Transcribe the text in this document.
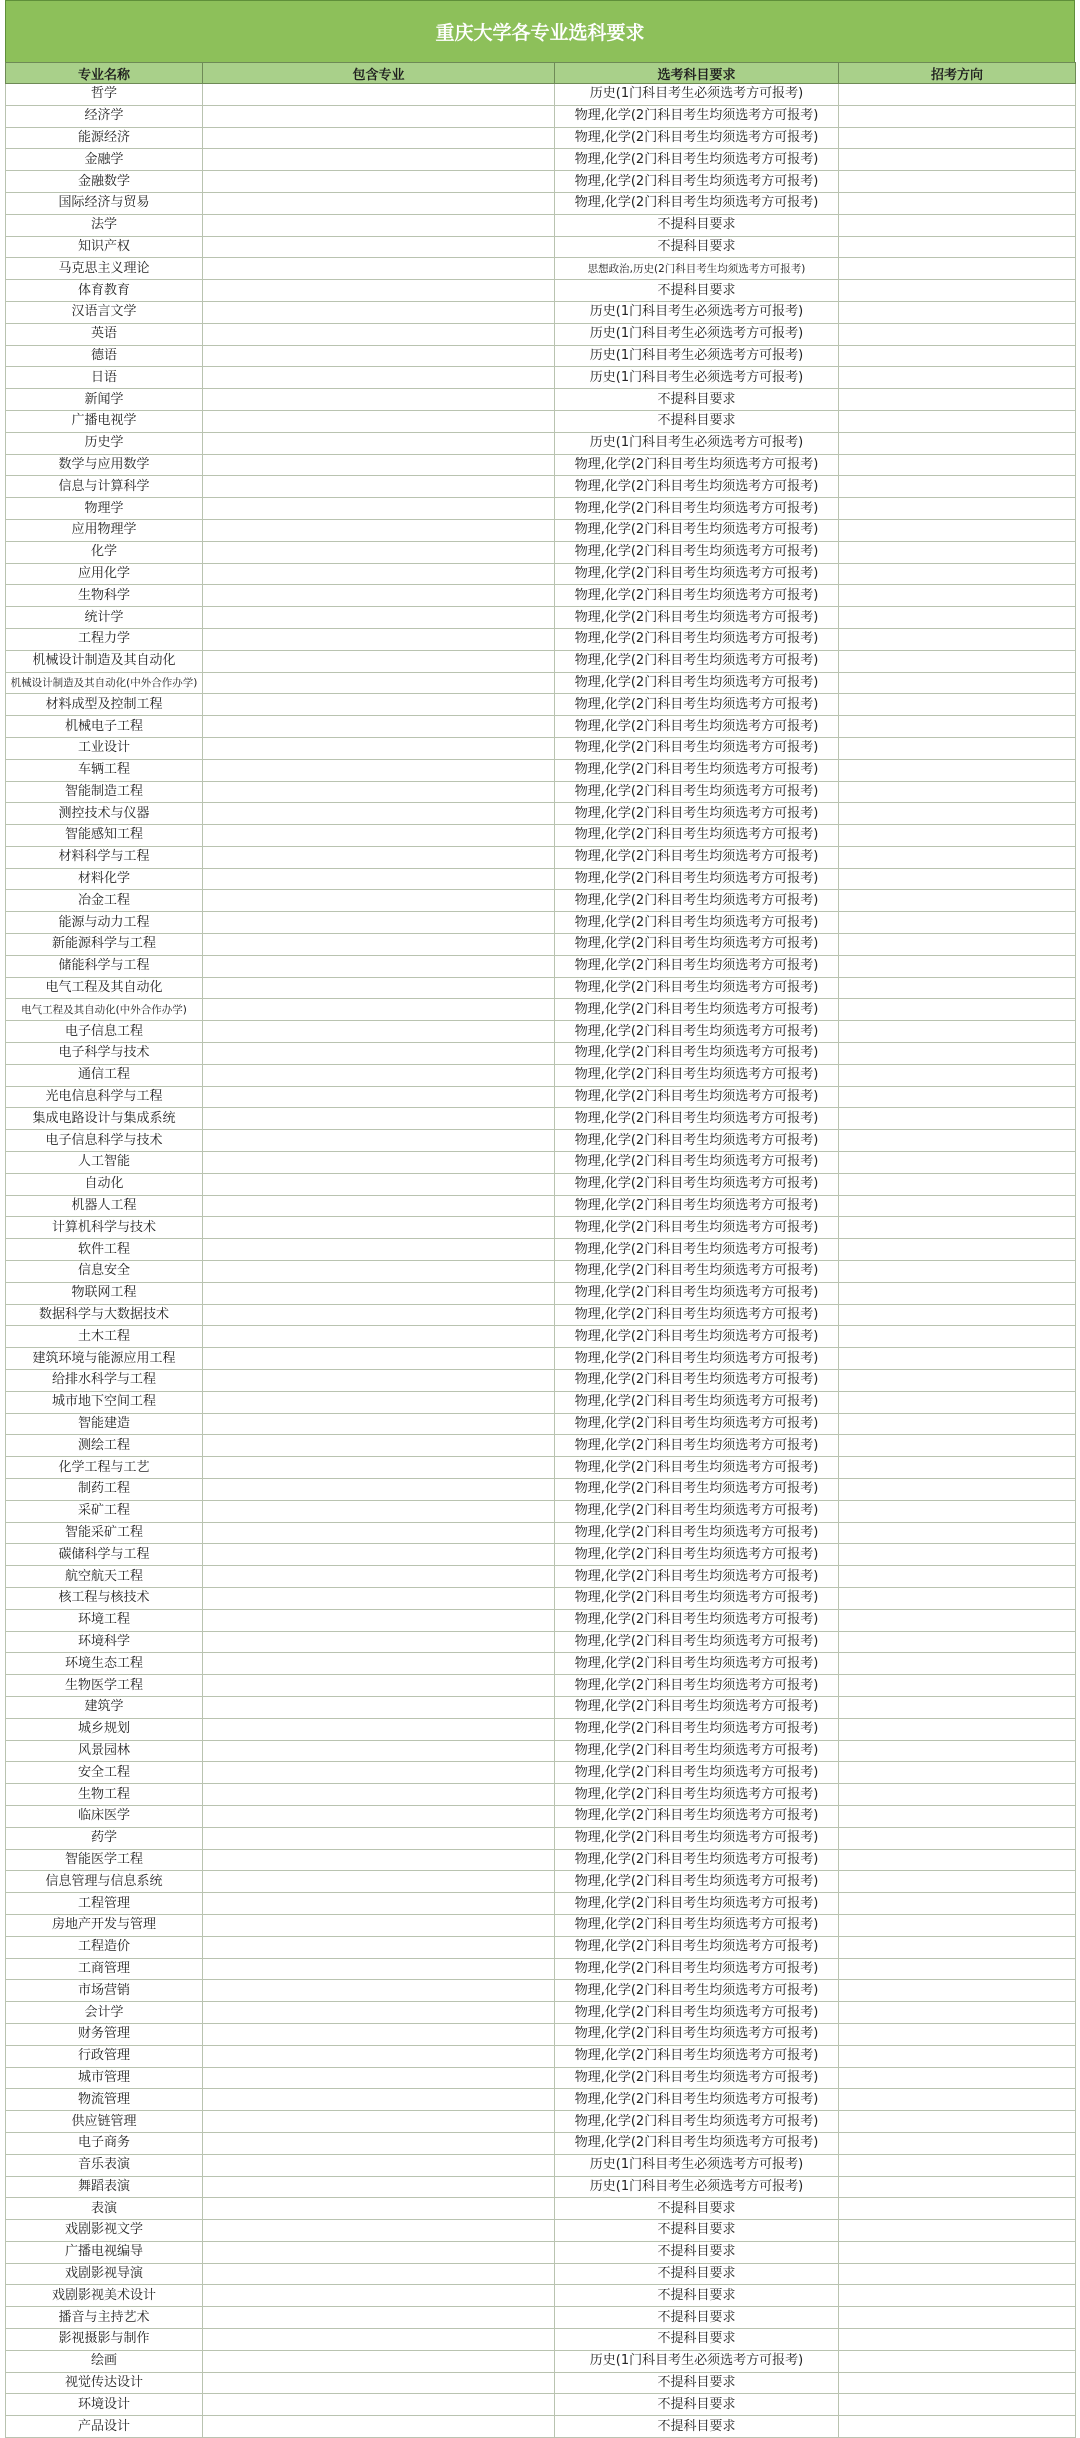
重庆大学各专业选科要求
专业名称	包含专业	选考科目要求	招考方向
哲学		历史(1门科目考生必须选考方可报考)	
经济学		物理,化学(2门科目考生均须选考方可报考)	
能源经济		物理,化学(2门科目考生均须选考方可报考)	
金融学		物理,化学(2门科目考生均须选考方可报考)	
金融数学		物理,化学(2门科目考生均须选考方可报考)	
国际经济与贸易		物理,化学(2门科目考生均须选考方可报考)	
法学		不提科目要求	
知识产权		不提科目要求	
马克思主义理论		思想政治,历史(2门科目考生均须选考方可报考)	
体育教育		不提科目要求	
汉语言文学		历史(1门科目考生必须选考方可报考)	
英语		历史(1门科目考生必须选考方可报考)	
德语		历史(1门科目考生必须选考方可报考)	
日语		历史(1门科目考生必须选考方可报考)	
新闻学		不提科目要求	
广播电视学		不提科目要求	
历史学		历史(1门科目考生必须选考方可报考)	
数学与应用数学		物理,化学(2门科目考生均须选考方可报考)	
信息与计算科学		物理,化学(2门科目考生均须选考方可报考)	
物理学		物理,化学(2门科目考生均须选考方可报考)	
应用物理学		物理,化学(2门科目考生均须选考方可报考)	
化学		物理,化学(2门科目考生均须选考方可报考)	
应用化学		物理,化学(2门科目考生均须选考方可报考)	
生物科学		物理,化学(2门科目考生均须选考方可报考)	
统计学		物理,化学(2门科目考生均须选考方可报考)	
工程力学		物理,化学(2门科目考生均须选考方可报考)	
机械设计制造及其自动化		物理,化学(2门科目考生均须选考方可报考)	
机械设计制造及其自动化(中外合作办学)		物理,化学(2门科目考生均须选考方可报考)	
材料成型及控制工程		物理,化学(2门科目考生均须选考方可报考)	
机械电子工程		物理,化学(2门科目考生均须选考方可报考)	
工业设计		物理,化学(2门科目考生均须选考方可报考)	
车辆工程		物理,化学(2门科目考生均须选考方可报考)	
智能制造工程		物理,化学(2门科目考生均须选考方可报考)	
测控技术与仪器		物理,化学(2门科目考生均须选考方可报考)	
智能感知工程		物理,化学(2门科目考生均须选考方可报考)	
材料科学与工程		物理,化学(2门科目考生均须选考方可报考)	
材料化学		物理,化学(2门科目考生均须选考方可报考)	
冶金工程		物理,化学(2门科目考生均须选考方可报考)	
能源与动力工程		物理,化学(2门科目考生均须选考方可报考)	
新能源科学与工程		物理,化学(2门科目考生均须选考方可报考)	
储能科学与工程		物理,化学(2门科目考生均须选考方可报考)	
电气工程及其自动化		物理,化学(2门科目考生均须选考方可报考)	
电气工程及其自动化(中外合作办学)		物理,化学(2门科目考生均须选考方可报考)	
电子信息工程		物理,化学(2门科目考生均须选考方可报考)	
电子科学与技术		物理,化学(2门科目考生均须选考方可报考)	
通信工程		物理,化学(2门科目考生均须选考方可报考)	
光电信息科学与工程		物理,化学(2门科目考生均须选考方可报考)	
集成电路设计与集成系统		物理,化学(2门科目考生均须选考方可报考)	
电子信息科学与技术		物理,化学(2门科目考生均须选考方可报考)	
人工智能		物理,化学(2门科目考生均须选考方可报考)	
自动化		物理,化学(2门科目考生均须选考方可报考)	
机器人工程		物理,化学(2门科目考生均须选考方可报考)	
计算机科学与技术		物理,化学(2门科目考生均须选考方可报考)	
软件工程		物理,化学(2门科目考生均须选考方可报考)	
信息安全		物理,化学(2门科目考生均须选考方可报考)	
物联网工程		物理,化学(2门科目考生均须选考方可报考)	
数据科学与大数据技术		物理,化学(2门科目考生均须选考方可报考)	
土木工程		物理,化学(2门科目考生均须选考方可报考)	
建筑环境与能源应用工程		物理,化学(2门科目考生均须选考方可报考)	
给排水科学与工程		物理,化学(2门科目考生均须选考方可报考)	
城市地下空间工程		物理,化学(2门科目考生均须选考方可报考)	
智能建造		物理,化学(2门科目考生均须选考方可报考)	
测绘工程		物理,化学(2门科目考生均须选考方可报考)	
化学工程与工艺		物理,化学(2门科目考生均须选考方可报考)	
制药工程		物理,化学(2门科目考生均须选考方可报考)	
采矿工程		物理,化学(2门科目考生均须选考方可报考)	
智能采矿工程		物理,化学(2门科目考生均须选考方可报考)	
碳储科学与工程		物理,化学(2门科目考生均须选考方可报考)	
航空航天工程		物理,化学(2门科目考生均须选考方可报考)	
核工程与核技术		物理,化学(2门科目考生均须选考方可报考)	
环境工程		物理,化学(2门科目考生均须选考方可报考)	
环境科学		物理,化学(2门科目考生均须选考方可报考)	
环境生态工程		物理,化学(2门科目考生均须选考方可报考)	
生物医学工程		物理,化学(2门科目考生均须选考方可报考)	
建筑学		物理,化学(2门科目考生均须选考方可报考)	
城乡规划		物理,化学(2门科目考生均须选考方可报考)	
风景园林		物理,化学(2门科目考生均须选考方可报考)	
安全工程		物理,化学(2门科目考生均须选考方可报考)	
生物工程		物理,化学(2门科目考生均须选考方可报考)	
临床医学		物理,化学(2门科目考生均须选考方可报考)	
药学		物理,化学(2门科目考生均须选考方可报考)	
智能医学工程		物理,化学(2门科目考生均须选考方可报考)	
信息管理与信息系统		物理,化学(2门科目考生均须选考方可报考)	
工程管理		物理,化学(2门科目考生均须选考方可报考)	
房地产开发与管理		物理,化学(2门科目考生均须选考方可报考)	
工程造价		物理,化学(2门科目考生均须选考方可报考)	
工商管理		物理,化学(2门科目考生均须选考方可报考)	
市场营销		物理,化学(2门科目考生均须选考方可报考)	
会计学		物理,化学(2门科目考生均须选考方可报考)	
财务管理		物理,化学(2门科目考生均须选考方可报考)	
行政管理		物理,化学(2门科目考生均须选考方可报考)	
城市管理		物理,化学(2门科目考生均须选考方可报考)	
物流管理		物理,化学(2门科目考生均须选考方可报考)	
供应链管理		物理,化学(2门科目考生均须选考方可报考)	
电子商务		物理,化学(2门科目考生均须选考方可报考)	
音乐表演		历史(1门科目考生必须选考方可报考)	
舞蹈表演		历史(1门科目考生必须选考方可报考)	
表演		不提科目要求	
戏剧影视文学		不提科目要求	
广播电视编导		不提科目要求	
戏剧影视导演		不提科目要求	
戏剧影视美术设计		不提科目要求	
播音与主持艺术		不提科目要求	
影视摄影与制作		不提科目要求	
绘画		历史(1门科目考生必须选考方可报考)	
视觉传达设计		不提科目要求	
环境设计		不提科目要求	
产品设计		不提科目要求	
